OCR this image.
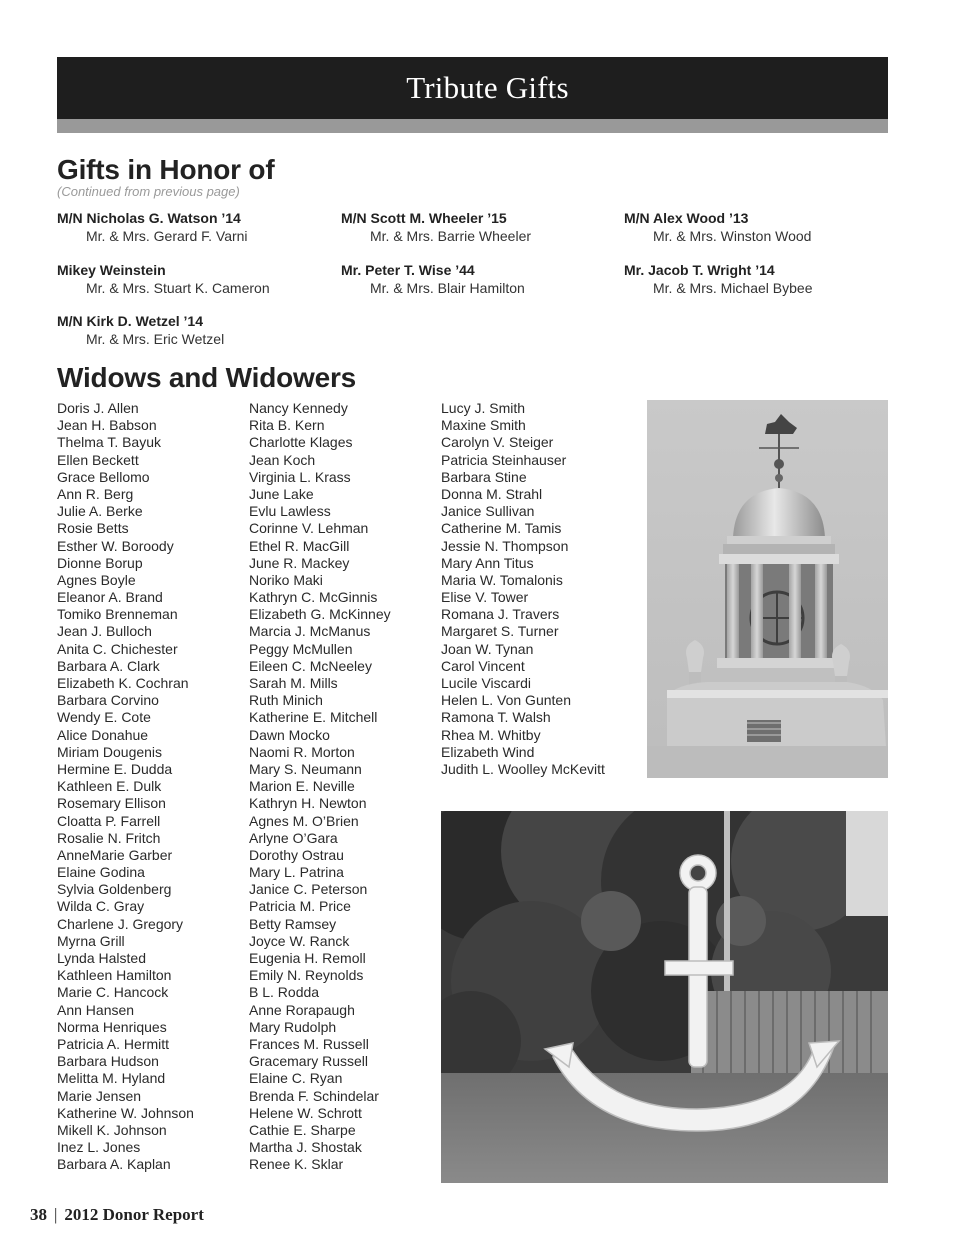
Tribute Gifts
Gifts in Honor of
(Continued from previous page)
M/N Nicholas G. Watson ’14
Mr. & Mrs. Gerard F. Varni
M/N Scott M. Wheeler ’15
Mr. & Mrs. Barrie Wheeler
M/N Alex Wood ’13
Mr. & Mrs. Winston Wood
Mikey Weinstein
Mr. & Mrs. Stuart K. Cameron
Mr. Peter T. Wise ’44
Mr. & Mrs. Blair Hamilton
Mr. Jacob T. Wright ’14
Mr. & Mrs. Michael Bybee
M/N Kirk D. Wetzel ’14
Mr. & Mrs. Eric Wetzel
Widows and Widowers
Doris J. Allen
Jean H. Babson
Thelma T. Bayuk
Ellen Beckett
Grace Bellomo
Ann R. Berg
Julie A. Berke
Rosie Betts
Esther W. Boroody
Dionne Borup
Agnes Boyle
Eleanor A. Brand
Tomiko Brenneman
Jean J. Bulloch
Anita C. Chichester
Barbara A. Clark
Elizabeth K. Cochran
Barbara Corvino
Wendy E. Cote
Alice Donahue
Miriam Dougenis
Hermine E. Dudda
Kathleen E. Dulk
Rosemary Ellison
Cloatta P. Farrell
Rosalie N. Fritch
AnneMarie Garber
Elaine Godina
Sylvia Goldenberg
Wilda C. Gray
Charlene J. Gregory
Myrna Grill
Lynda Halsted
Kathleen Hamilton
Marie C. Hancock
Ann Hansen
Norma Henriques
Patricia A. Hermitt
Barbara Hudson
Melitta M. Hyland
Marie Jensen
Katherine W. Johnson
Mikell K. Johnson
Inez L. Jones
Barbara A. Kaplan
Nancy Kennedy
Rita B. Kern
Charlotte Klages
Jean Koch
Virginia L. Krass
June Lake
Evlu Lawless
Corinne V. Lehman
Ethel R. MacGill
June R. Mackey
Noriko Maki
Kathryn C. McGinnis
Elizabeth G. McKinney
Marcia J. McManus
Peggy McMullen
Eileen C. McNeeley
Sarah M. Mills
Ruth Minich
Katherine E. Mitchell
Dawn Mocko
Naomi R. Morton
Mary S. Neumann
Marion E. Neville
Kathryn H. Newton
Agnes M. O’Brien
Arlyne O’Gara
Dorothy Ostrau
Mary L. Patrina
Janice C. Peterson
Patricia M. Price
Betty Ramsey
Joyce W. Ranck
Eugenia H. Remoll
Emily N. Reynolds
B L. Rodda
Anne Rorapaugh
Mary Rudolph
Frances M. Russell
Gracemary Russell
Elaine C. Ryan
Brenda F. Schindelar
Helene W. Schrott
Cathie E. Sharpe
Martha J. Shostak
Renee K. Sklar
Lucy J. Smith
Maxine Smith
Carolyn V. Steiger
Patricia Steinhauser
Barbara Stine
Donna M. Strahl
Janice Sullivan
Catherine M. Tamis
Jessie N. Thompson
Mary Ann Titus
Maria W. Tomalonis
Elise V. Tower
Romana J. Travers
Margaret S. Turner
Joan W. Tynan
Carol Vincent
Lucile Viscardi
Helen L. Von Gunten
Ramona T. Walsh
Rhea M. Whitby
Elizabeth Wind
Judith L. Woolley McKevitt
38 | 2012 Donor Report
